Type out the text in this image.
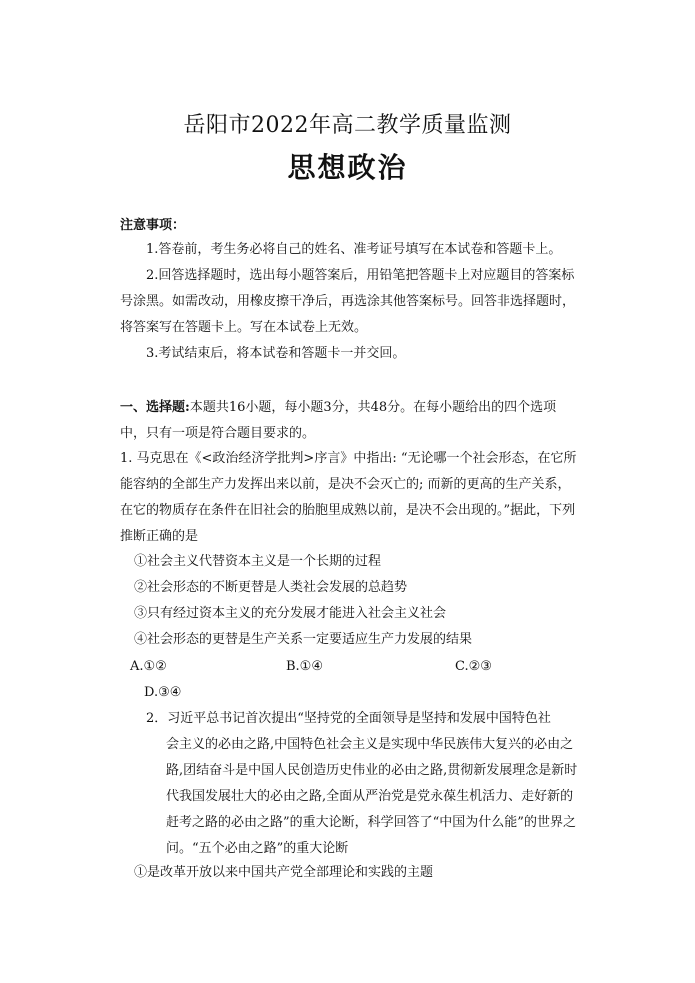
岳阳市2022年高二教学质量监测
思想政治
注意事项：
1.答卷前，考生务必将自己的姓名、准考证号填写在本试卷和答题卡上。
2.回答选择题时，选出每小题答案后，用铅笔把答题卡上对应题目的答案标号涂黑。如需改动，用橡皮擦干净后，再选涂其他答案标号。回答非选择题时，将答案写在答题卡上。写在本试卷上无效。
3.考试结束后，将本试卷和答题卡一并交回。
一、选择题:本题共16小题，每小题3分，共48分。在每小题给出的四个选项中，只有一项是符合题目要求的。
1. 马克思在《<政治经济学批判>序言》中指出: “无论哪一个社会形态，在它所能容纳的全部生产力发挥出来以前，是决不会灭亡的; 而新的更高的生产关系，在它的物质存在条件在旧社会的胎胞里成熟以前，是决不会出现的。”据此，下列推断正确的是
①社会主义代替资本主义是一个长期的过程
②社会形态的不断更替是人类社会发展的总趋势
③只有经过资本主义的充分发展才能进入社会主义社会
④社会形态的更替是生产关系一定要适应生产力发展的结果
A.①②	B.①④	C.②③
D.③④
2．习近平总书记首次提出“坚持党的全面领导是坚持和发展中国特色社
会主义的必由之路,中国特色社会主义是实现中华民族伟大复兴的必由之路,团结奋斗是中国人民创造历史伟业的必由之路,贯彻新发展理念是新时代我国发展壮大的必由之路,全面从严治党是党永葆生机活力、走好新的赶考之路的必由之路”的重大论断，科学回答了“中国为什么能”的世界之问。“五个必由之路”的重大论断
①是改革开放以来中国共产党全部理论和实践的主题
